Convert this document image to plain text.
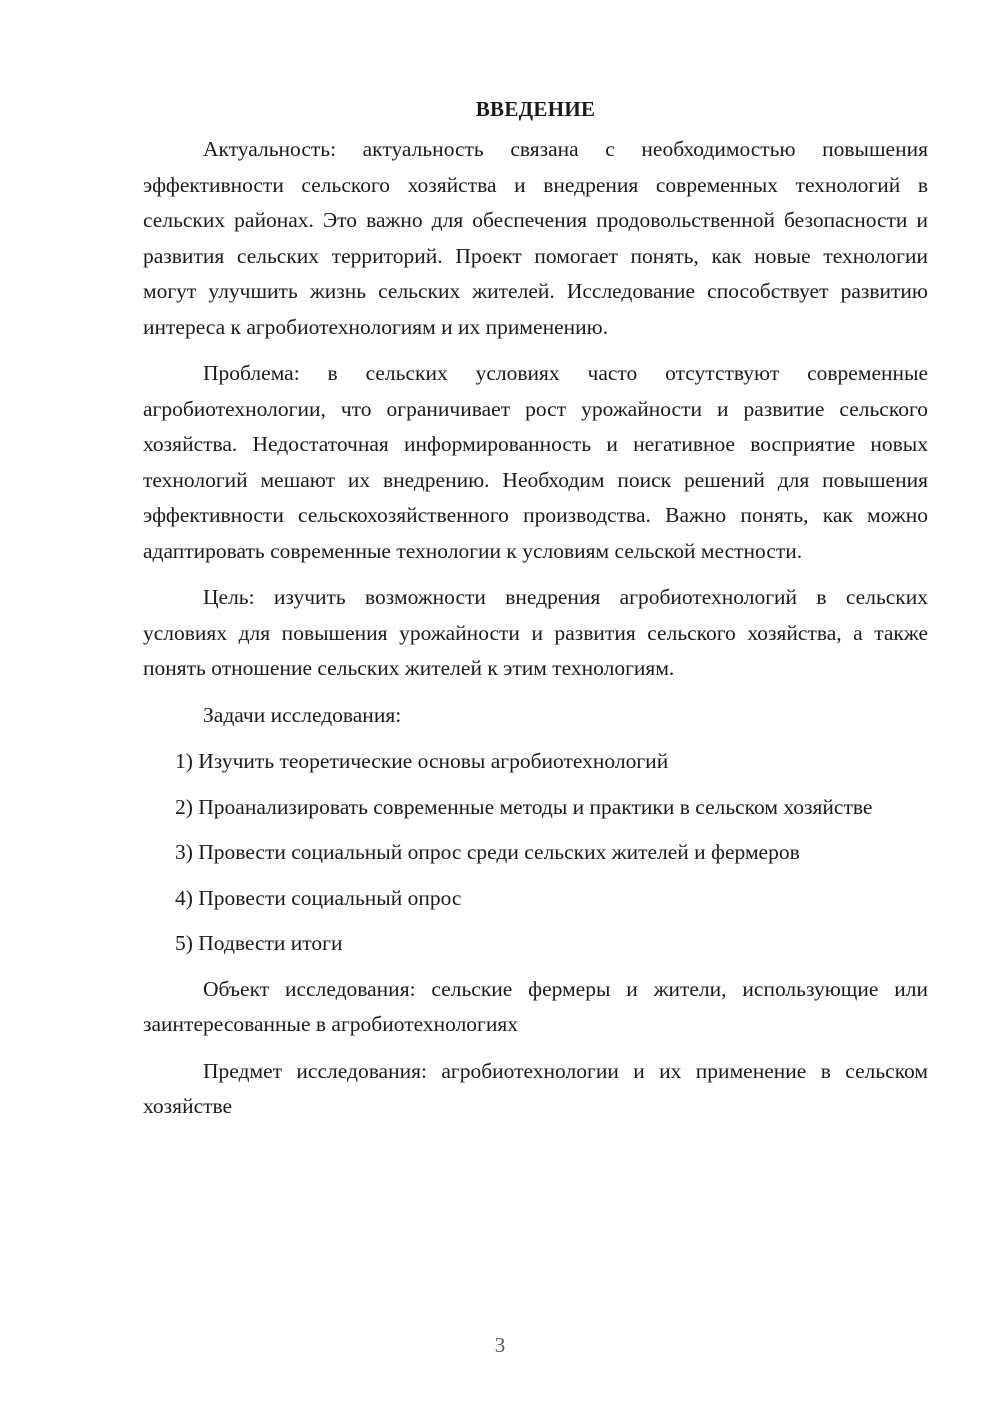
ВВЕДЕНИЕ

Актуальность: актуальность связана с необходимостью повышения эффективности сельского хозяйства и внедрения современных технологий в сельских районах. Это важно для обеспечения продовольственной безопасности и развития сельских территорий. Проект помогает понять, как новые технологии могут улучшить жизнь сельских жителей. Исследование способствует развитию интереса к агробиотехнологиям и их применению.

Проблема: в сельских условиях часто отсутствуют современные агробиотехнологии, что ограничивает рост урожайности и развитие сельского хозяйства. Недостаточная информированность и негативное восприятие новых технологий мешают их внедрению. Необходим поиск решений для повышения эффективности сельскохозяйственного производства. Важно понять, как можно адаптировать современные технологии к условиям сельской местности.

Цель: изучить возможности внедрения агробиотехнологий в сельских условиях для повышения урожайности и развития сельского хозяйства, а также понять отношение сельских жителей к этим технологиям.

Задачи исследования:

1) Изучить теоретические основы агробиотехнологий

2) Проанализировать современные методы и практики в сельском хозяйстве

3) Провести социальный опрос среди сельских жителей и фермеров

4) Провести социальный опрос

5) Подвести итоги

Объект исследования: сельские фермеры и жители, использующие или заинтересованные в агробиотехнологиях

Предмет исследования: агробиотехнологии и их применение в сельском хозяйстве

3
